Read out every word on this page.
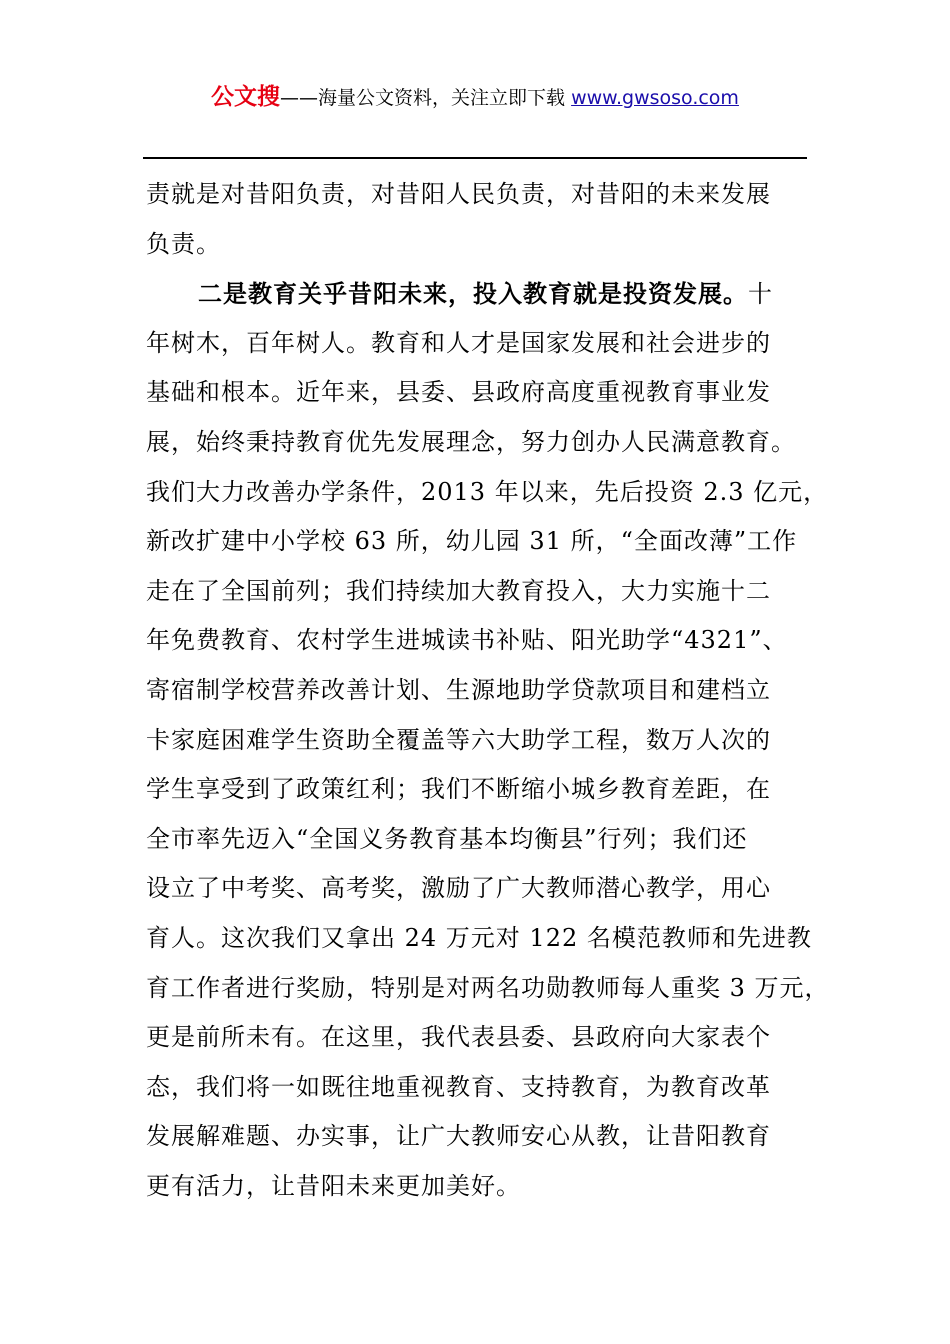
公文搜——海量公文资料，关注立即下载 www.gwsoso.com
责就是对昔阳负责，对昔阳人民负责，对昔阳的未来发展
负责。
二是教育关乎昔阳未来，投入教育就是投资发展。十
年树木，百年树人。教育和人才是国家发展和社会进步的
基础和根本。近年来，县委、县政府高度重视教育事业发
展，始终秉持教育优先发展理念，努力创办人民满意教育。
我们大力改善办学条件，2013 年以来，先后投资 2.3 亿元，
新改扩建中小学校 63 所，幼儿园 31 所，“全面改薄”工作
走在了全国前列；我们持续加大教育投入，大力实施十二
年免费教育、农村学生进城读书补贴、阳光助学“4321”、
寄宿制学校营养改善计划、生源地助学贷款项目和建档立
卡家庭困难学生资助全覆盖等六大助学工程，数万人次的
学生享受到了政策红利；我们不断缩小城乡教育差距，在
全市率先迈入“全国义务教育基本均衡县”行列；我们还
设立了中考奖、高考奖，激励了广大教师潜心教学，用心
育人。这次我们又拿出 24 万元对 122 名模范教师和先进教
育工作者进行奖励，特别是对两名功勋教师每人重奖 3 万元，
更是前所未有。在这里，我代表县委、县政府向大家表个
态，我们将一如既往地重视教育、支持教育，为教育改革
发展解难题、办实事，让广大教师安心从教，让昔阳教育
更有活力，让昔阳未来更加美好。
